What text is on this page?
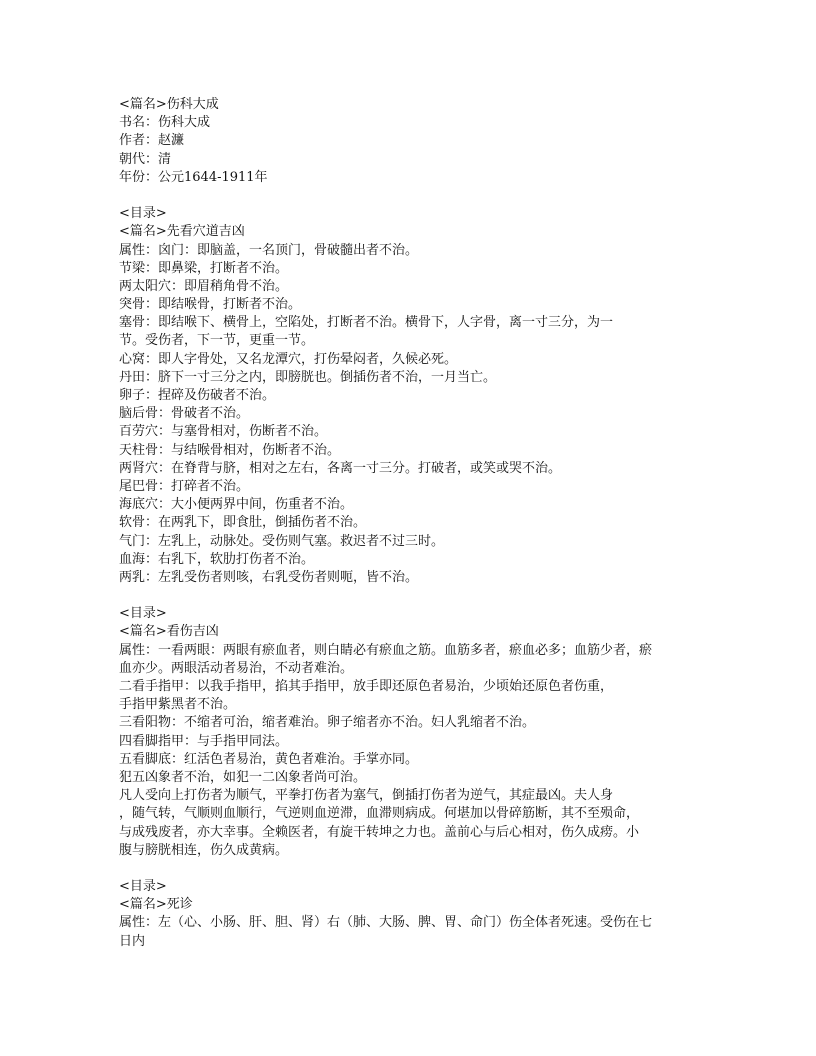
<篇名>伤科大成
书名：伤科大成
作者：赵濂
朝代：清
年份：公元1644-1911年
<目录>
<篇名>先看穴道吉凶
属性：囟门：即脑盖，一名顶门，骨破髓出者不治。
节梁：即鼻梁，打断者不治。
两太阳穴：即眉稍角骨不治。
突骨：即结喉骨，打断者不治。
塞骨：即结喉下、横骨上，空陷处，打断者不治。横骨下，人字骨，离一寸三分，为一
节。受伤者，下一节，更重一节。
心窝：即人字骨处，又名龙潭穴，打伤晕闷者，久候必死。
丹田：脐下一寸三分之内，即膀胱也。倒插伤者不治，一月当亡。
卵子：捏碎及伤破者不治。
脑后骨：骨破者不治。
百劳穴：与塞骨相对，伤断者不治。
天柱骨：与结喉骨相对，伤断者不治。
两肾穴：在脊背与脐，相对之左右，各离一寸三分。打破者，或笑或哭不治。
尾巴骨：打碎者不治。
海底穴：大小便两界中间，伤重者不治。
软骨：在两乳下，即食肚，倒插伤者不治。
气门：左乳上，动脉处。受伤则气塞。救迟者不过三时。
血海：右乳下，软肋打伤者不治。
两乳：左乳受伤者则咳，右乳受伤者则呃，皆不治。
<目录>
<篇名>看伤吉凶
属性：一看两眼：两眼有瘀血者，则白睛必有瘀血之筋。血筋多者，瘀血必多；血筋少者，瘀
血亦少。两眼活动者易治，不动者难治。
二看手指甲：以我手指甲，掐其手指甲，放手即还原色者易治，少顷始还原色者伤重，
手指甲紫黑者不治。
三看阳物：不缩者可治，缩者难治。卵子缩者亦不治。妇人乳缩者不治。
四看脚指甲：与手指甲同法。
五看脚底：红活色者易治，黄色者难治。手掌亦同。
犯五凶象者不治，如犯一二凶象者尚可治。
凡人受向上打伤者为顺气，平拳打伤者为塞气，倒插打伤者为逆气，其症最凶。夫人身
，随气转，气顺则血顺行，气逆则血逆滞，血滞则病成。何堪加以骨碎筋断，其不至殒命，
与成残废者，亦大幸事。全赖医者，有旋干转坤之力也。盖前心与后心相对，伤久成痨。小
腹与膀胱相连，伤久成黄病。
<目录>
<篇名>死诊
属性：左（心、小肠、肝、胆、肾）右（肺、大肠、脾、胃、命门）伤全体者死速。受伤在七
日内
